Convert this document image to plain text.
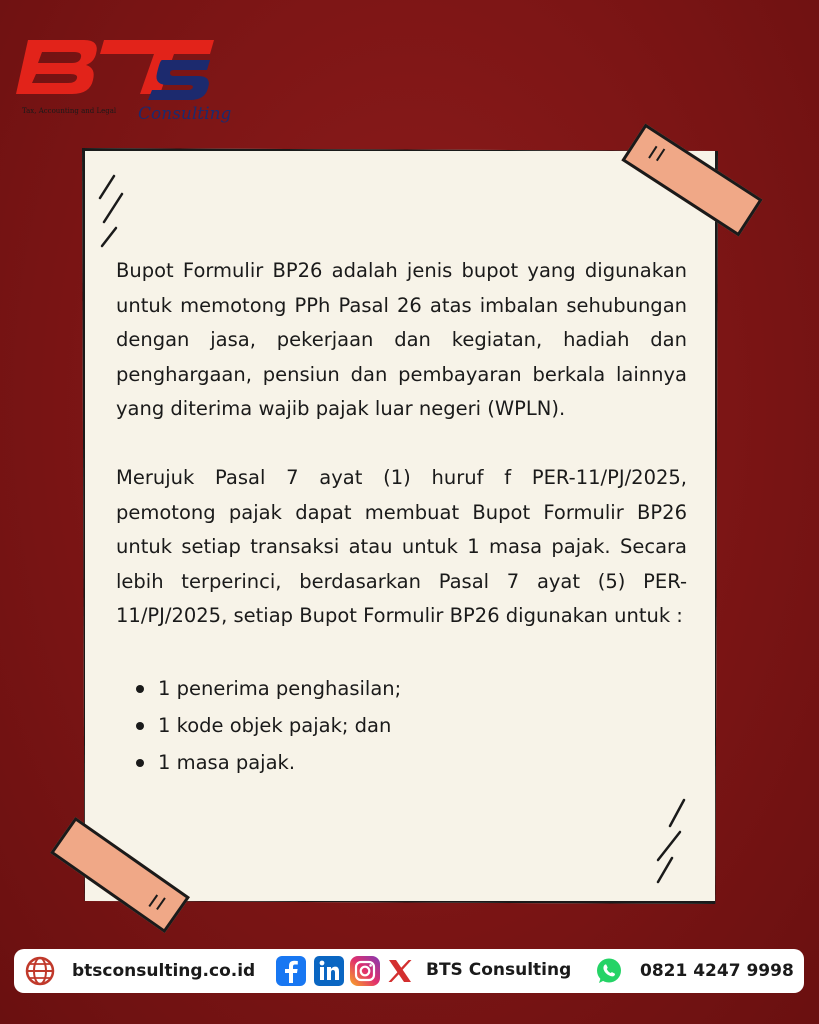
Tax, Accounting and Legal Consulting

Bupot Formulir BP26 adalah jenis bupot yang digunakan untuk memotong PPh Pasal 26 atas imbalan sehubungan dengan jasa, pekerjaan dan kegiatan, hadiah dan penghargaan, pensiun dan pembayaran berkala lainnya yang diterima wajib pajak luar negeri (WPLN).

Merujuk Pasal 7 ayat (1) huruf f PER-11/PJ/2025, pemotong pajak dapat membuat Bupot Formulir BP26 untuk setiap transaksi atau untuk 1 masa pajak. Secara lebih terperinci, berdasarkan Pasal 7 ayat (5) PER-11/PJ/2025, setiap Bupot Formulir BP26 digunakan untuk :

1 penerima penghasilan;
1 kode objek pajak; dan
1 masa pajak.
btsconsulting.co.id	BTS Consulting	0821 4247 9998
